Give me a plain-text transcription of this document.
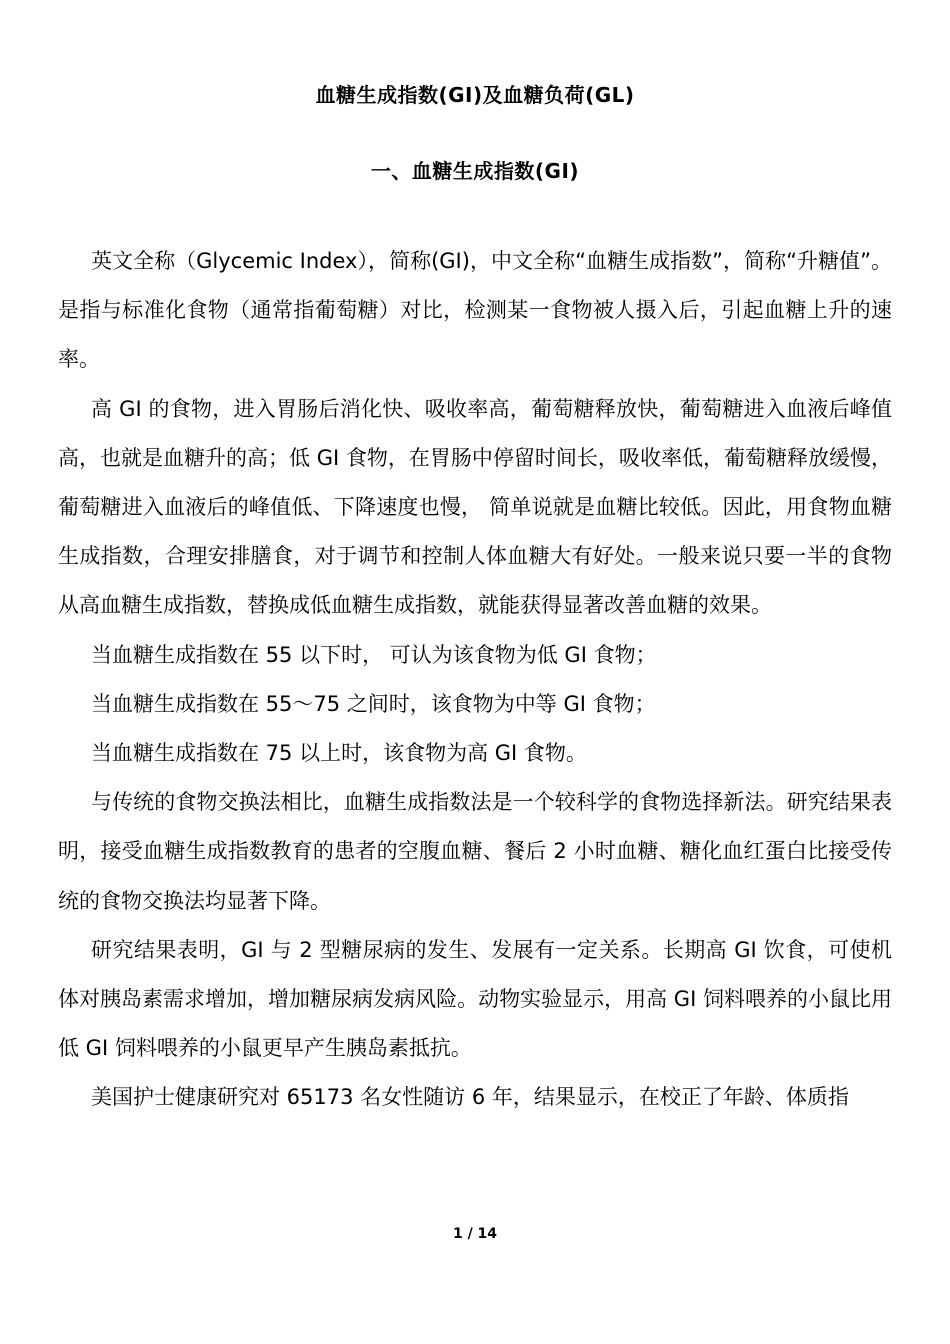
血糖生成指数(GI)及血糖负荷(GL)
一、血糖生成指数(GI)

英文全称（Glycemic Index），简称(GI)，中文全称“血糖生成指数”，简称“升糖值”。是指与标准化食物（通常指葡萄糖）对比，检测某一食物被人摄入后，引起血糖上升的速率。

高 GI 的食物，进入胃肠后消化快、吸收率高，葡萄糖释放快，葡萄糖进入血液后峰值高，也就是血糖升的高；低 GI 食物，在胃肠中停留时间长，吸收率低，葡萄糖释放缓慢，葡萄糖进入血液后的峰值低、下降速度也慢， 简单说就是血糖比较低。因此，用食物血糖生成指数，合理安排膳食，对于调节和控制人体血糖大有好处。一般来说只要一半的食物从高血糖生成指数，替换成低血糖生成指数，就能获得显著改善血糖的效果。

当血糖生成指数在 55 以下时， 可认为该食物为低 GI 食物；

当血糖生成指数在 55～75 之间时，该食物为中等 GI 食物；

当血糖生成指数在 75 以上时，该食物为高 GI 食物。

与传统的食物交换法相比，血糖生成指数法是一个较科学的食物选择新法。研究结果表明，接受血糖生成指数教育的患者的空腹血糖、餐后 2 小时血糖、糖化血红蛋白比接受传统的食物交换法均显著下降。

研究结果表明，GI 与 2 型糖尿病的发生、发展有一定关系。长期高 GI 饮食，可使机体对胰岛素需求增加，增加糖尿病发病风险。动物实验显示，用高 GI 饲料喂养的小鼠比用低 GI 饲料喂养的小鼠更早产生胰岛素抵抗。

美国护士健康研究对 65173 名女性随访 6 年，结果显示，在校正了年龄、体质指

1 / 14
